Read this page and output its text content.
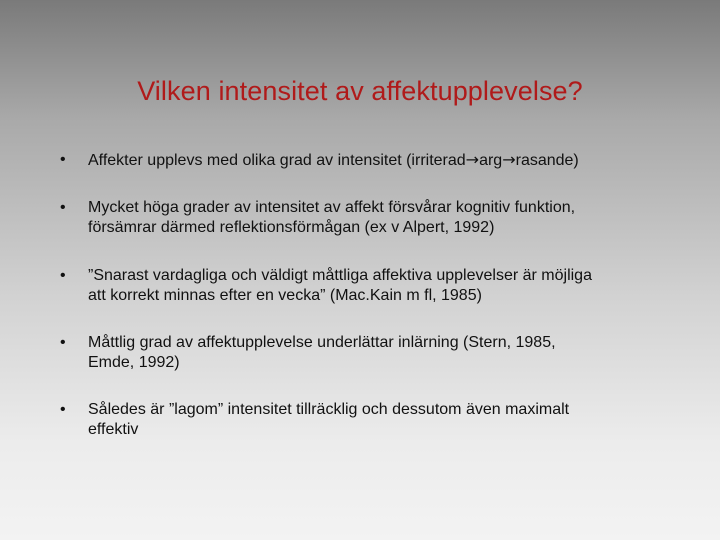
Vilken intensitet av affektupplevelse?
•	Affekter upplevs med olika grad av intensitet (irriterad→arg→rasande)
•	Mycket höga grader av intensitet av affekt försvårar kognitiv funktion,
försämrar därmed reflektionsförmågan (ex v Alpert, 1992)
•	”Snarast vardagliga och väldigt måttliga affektiva upplevelser är möjliga
att korrekt minnas efter en vecka” (Mac.Kain m fl, 1985)
•	Måttlig grad av affektupplevelse underlättar inlärning (Stern, 1985,
Emde, 1992)
•	Således är ”lagom” intensitet tillräcklig och dessutom även maximalt
effektiv
